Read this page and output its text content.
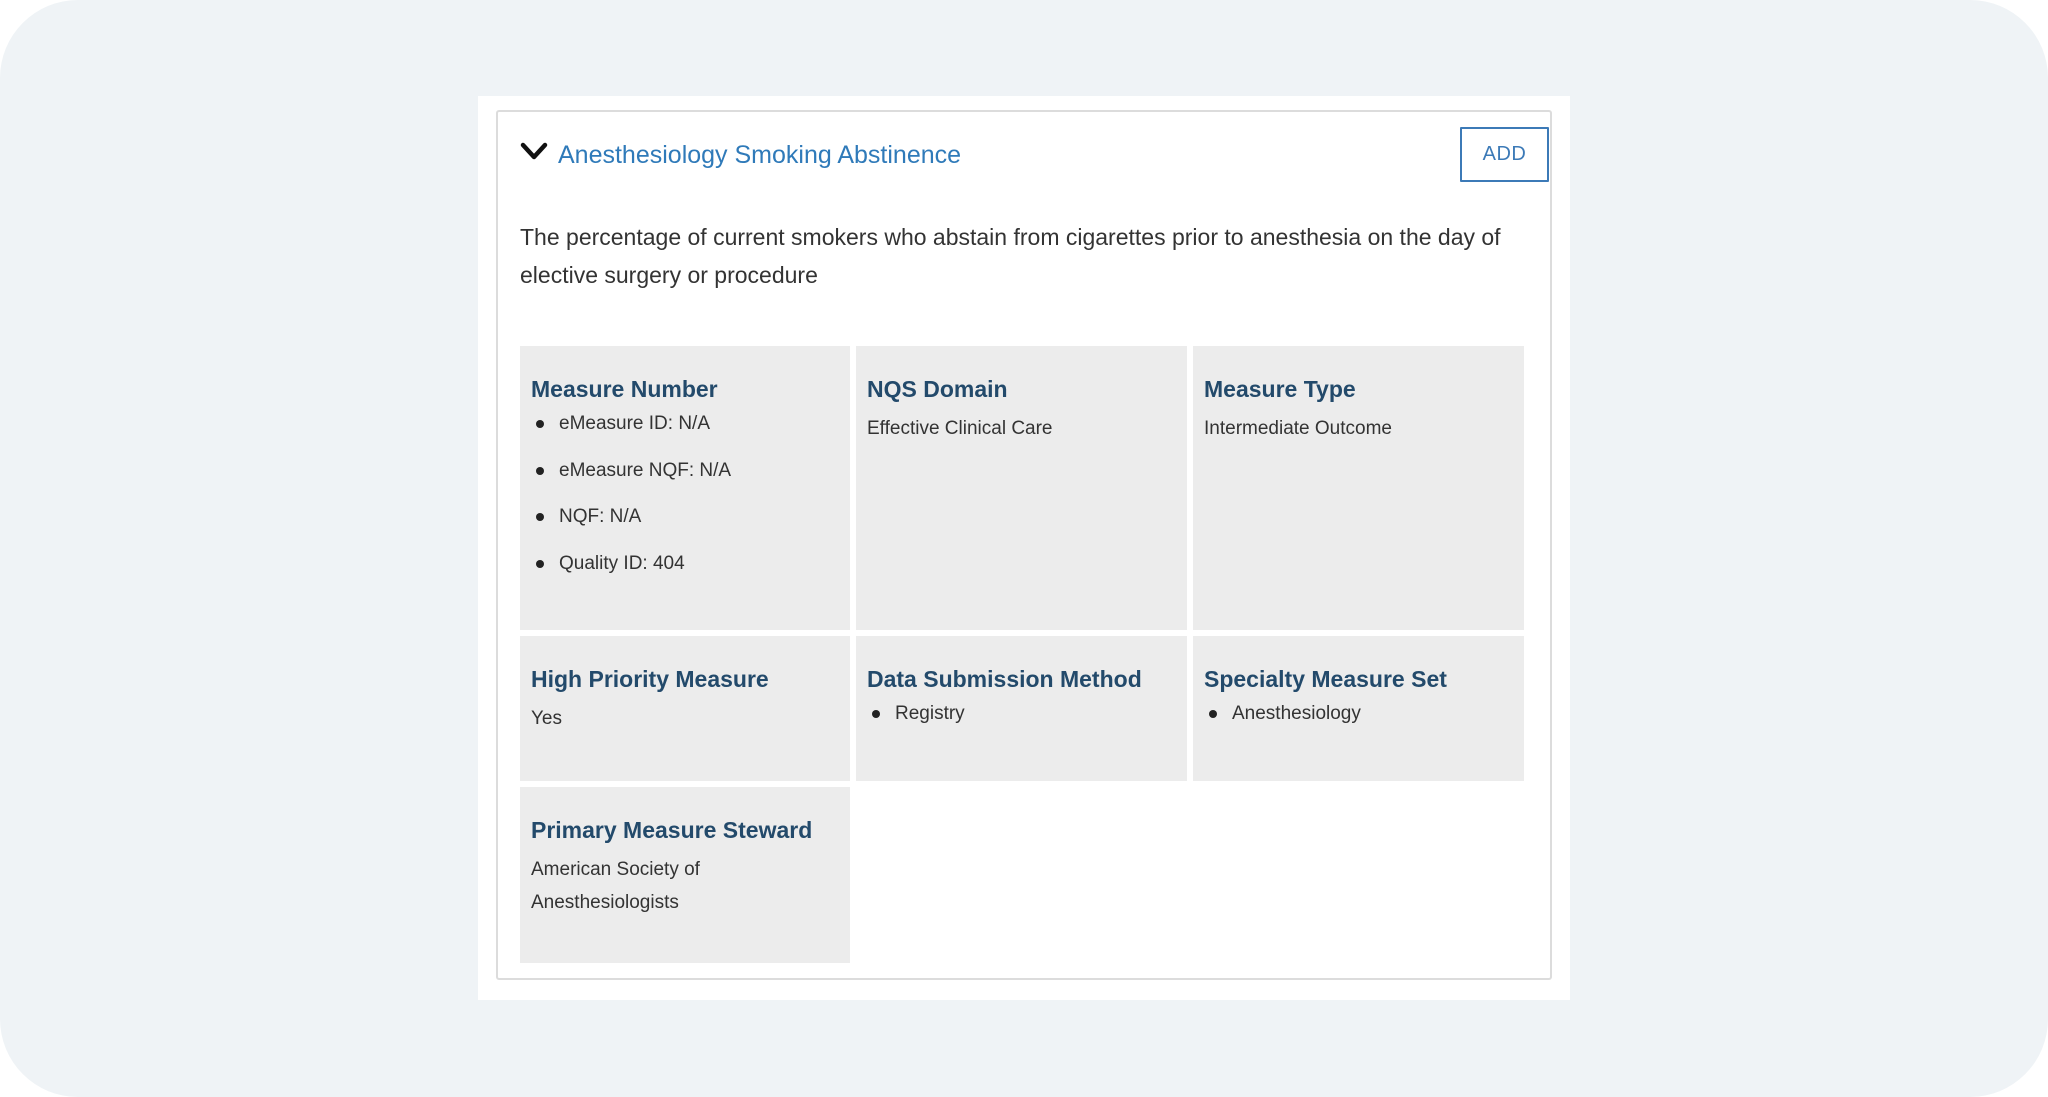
Anesthesiology Smoking Abstinence	ADD

The percentage of current smokers who abstain from cigarettes prior to anesthesia on the day of elective surgery or procedure

Measure Number
eMeasure ID: N/A
eMeasure NQF: N/A
NQF: N/A
Quality ID: 404
NQS Domain

Effective Clinical Care

Measure Type

Intermediate Outcome

High Priority Measure

Yes

Data Submission Method
Registry
Specialty Measure Set
Anesthesiology
Primary Measure Steward

American Society of Anesthesiologists
